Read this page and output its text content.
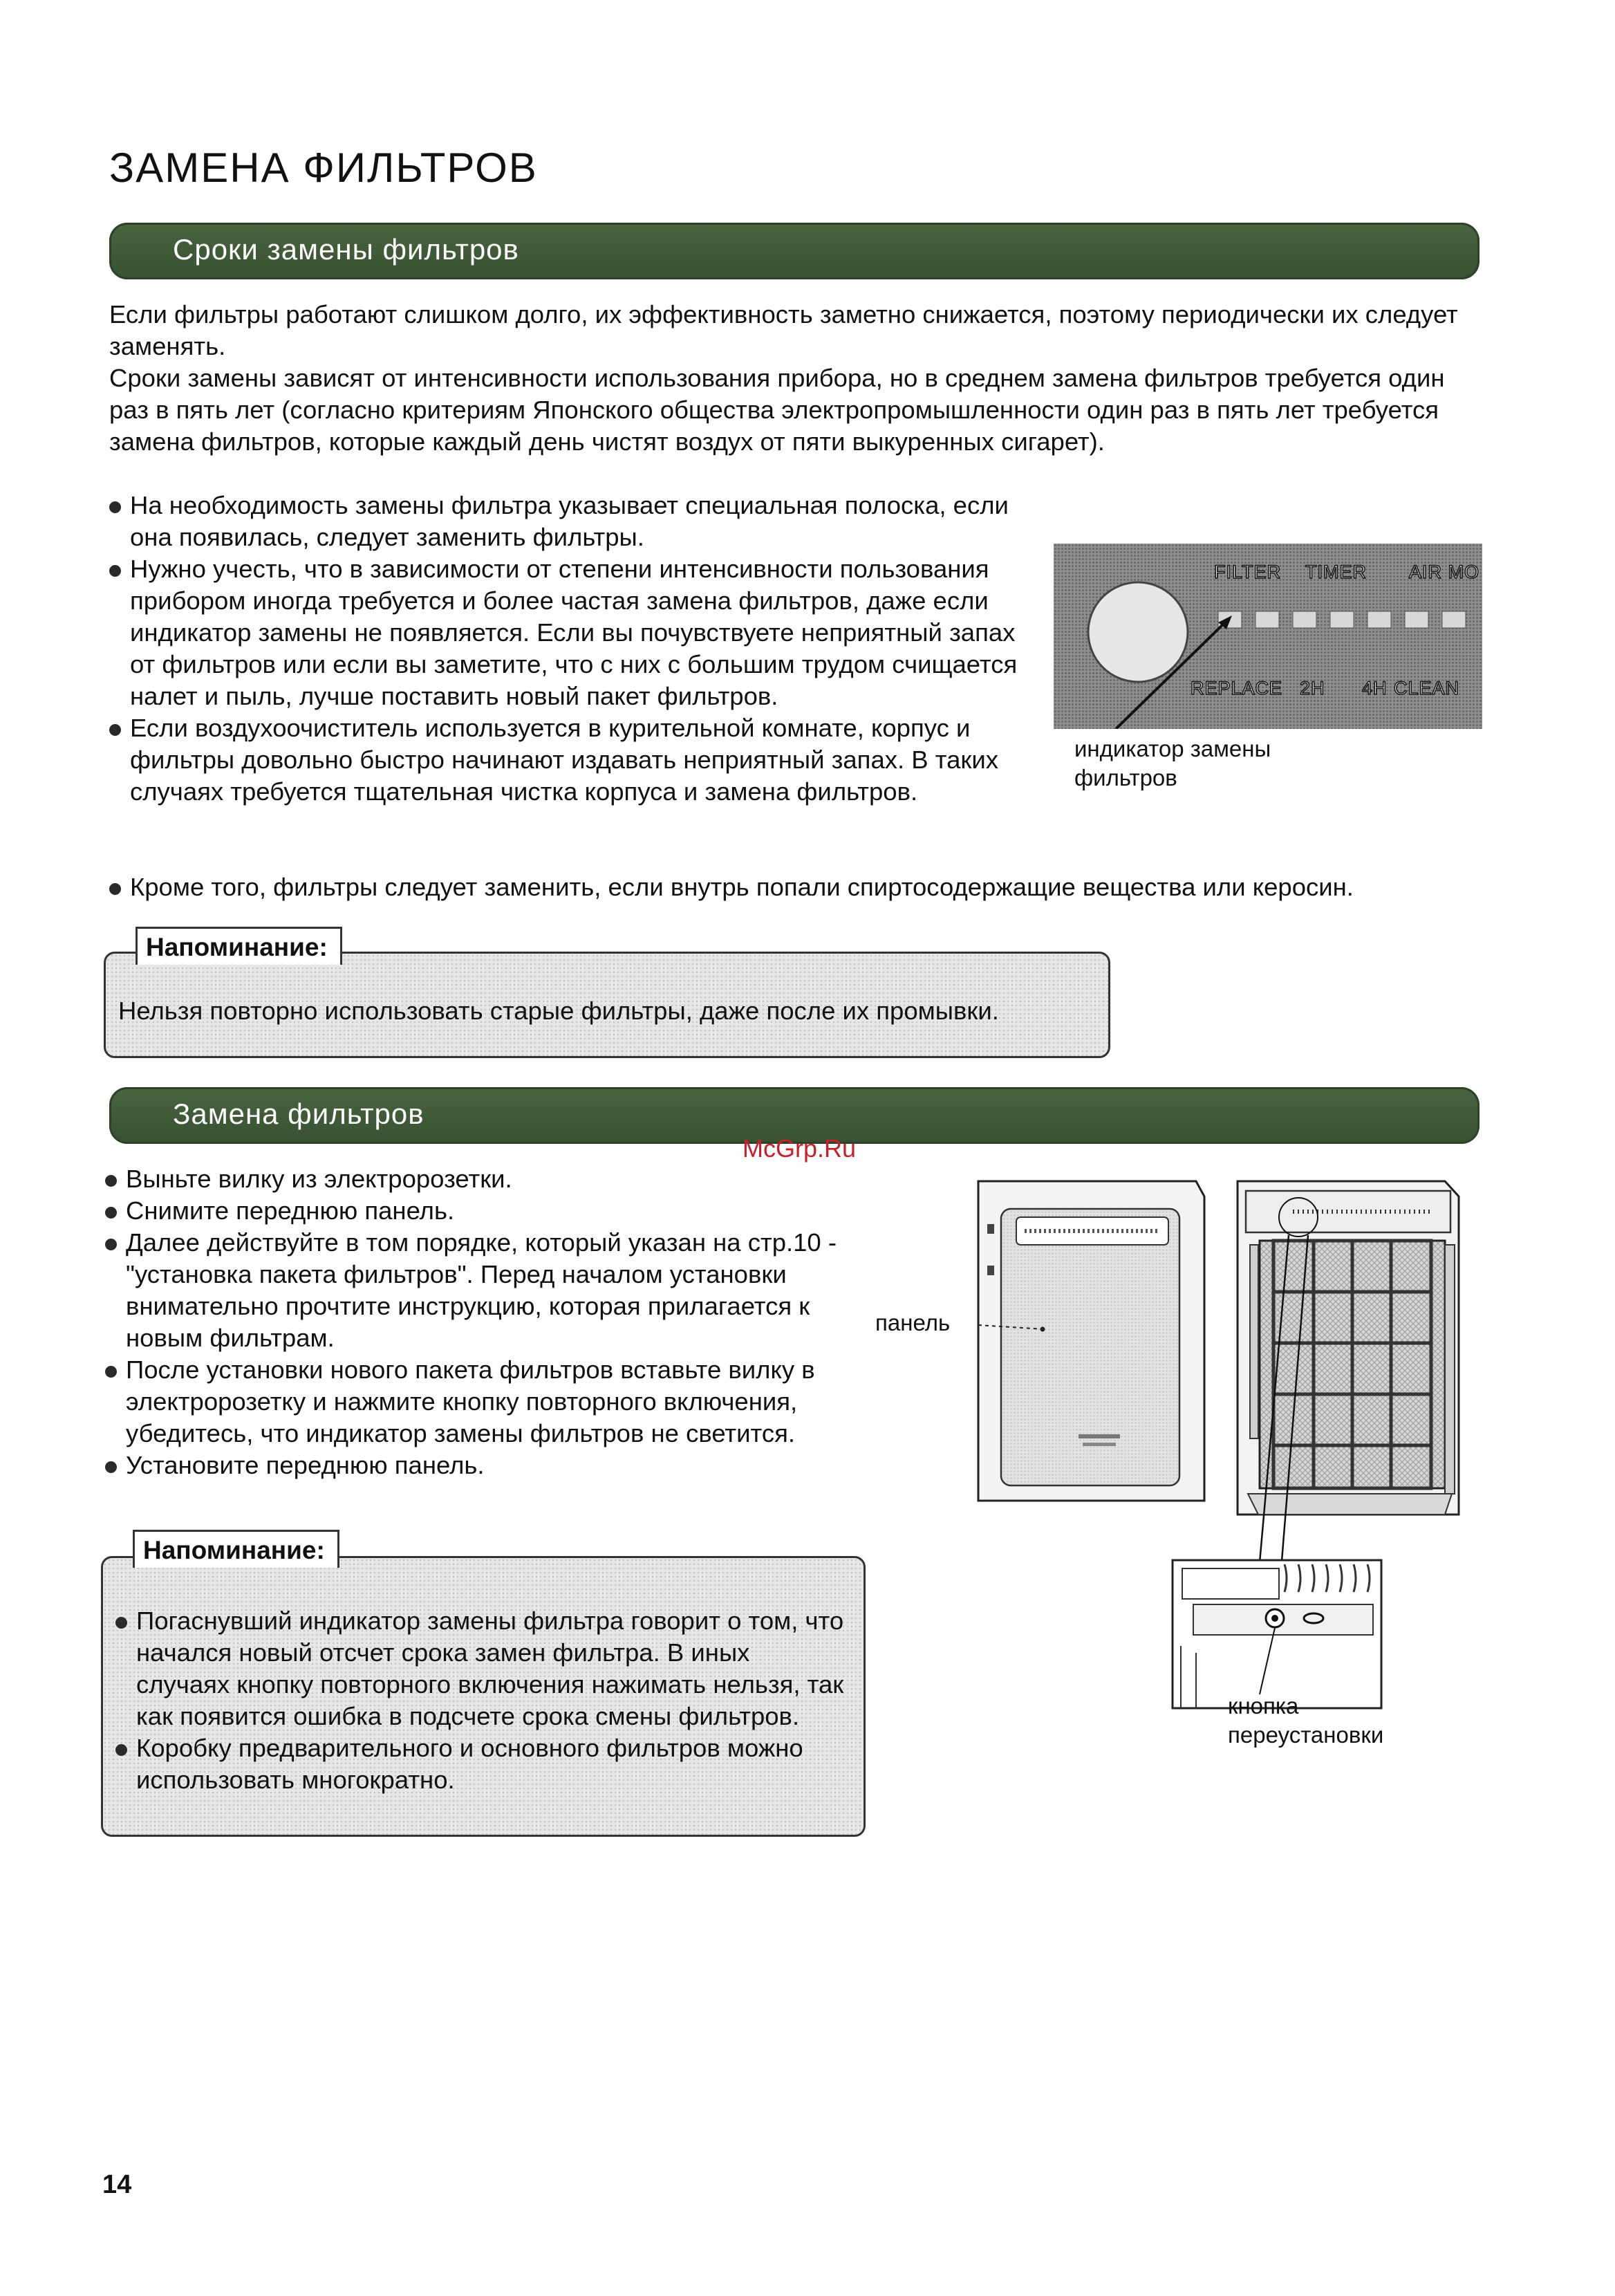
ЗАМЕНА ФИЛЬТРОВ
Сроки замены фильтров

Если фильтры работают слишком долго, их эффективность заметно снижается, поэтому периодически их следует заменять.

Сроки замены зависят от интенсивности использования прибора, но в среднем замена фильтров требуется один раз в пять лет (согласно критериям Японского общества электропромышленности один раз в пять лет требуется замена фильтров, которые каждый день чистят воздух от пяти выкуренных сигарет).

На необходимость замены фильтра указывает специальная полоска, если она появилась, следует заменить фильтры.
Нужно учесть, что в зависимости от степени интенсивности пользования прибором иногда требуется и более частая замена фильтров, даже если индикатор замены не появляется. Если вы почувствуете неприятный запах от фильтров или если вы заметите, что с них с большим трудом счищается налет и пыль, лучше поставить новый пакет фильтров.
Если воздухоочиститель используется в курительной комнате, корпус и фильтры довольно быстро начинают издавать неприятный запах. В таких случаях требуется тщательная чистка корпуса и замена фильтров.
Кроме того, фильтры следует заменить, если внутрь попали спиртосодержащие вещества или керосин.
FILTER TIMER AIR MO
REPLACE 2H 4H CLEAN
индикатор замены
фильтров
Нельзя повторно использовать старые фильтры, даже после их промывки.
Напоминание:
Замена фильтров
McGrp.Ru
Выньте вилку из электророзетки.
Снимите переднюю панель.
Далее действуйте в том порядке, который указан на стр.10 - "установка пакета фильтров". Перед началом установки внимательно прочтите инструкцию, которая прилагается к новым фильтрам.
После установки нового пакета фильтров вставьте вилку в электророзетку и нажмите кнопку повторного включения, убедитесь, что индикатор замены фильтров не светится.
Установите переднюю панель.
Погаснувший индикатор замены фильтра говорит о том, что начался новый отсчет срока замен фильтра. В иных случаях кнопку повторного включения нажимать нельзя, так как появится ошибка в подсчете срока смены фильтров.
Коробку предварительного и основного фильтров можно использовать многократно.
Напоминание:
панель
кнопка
переустановки
14
